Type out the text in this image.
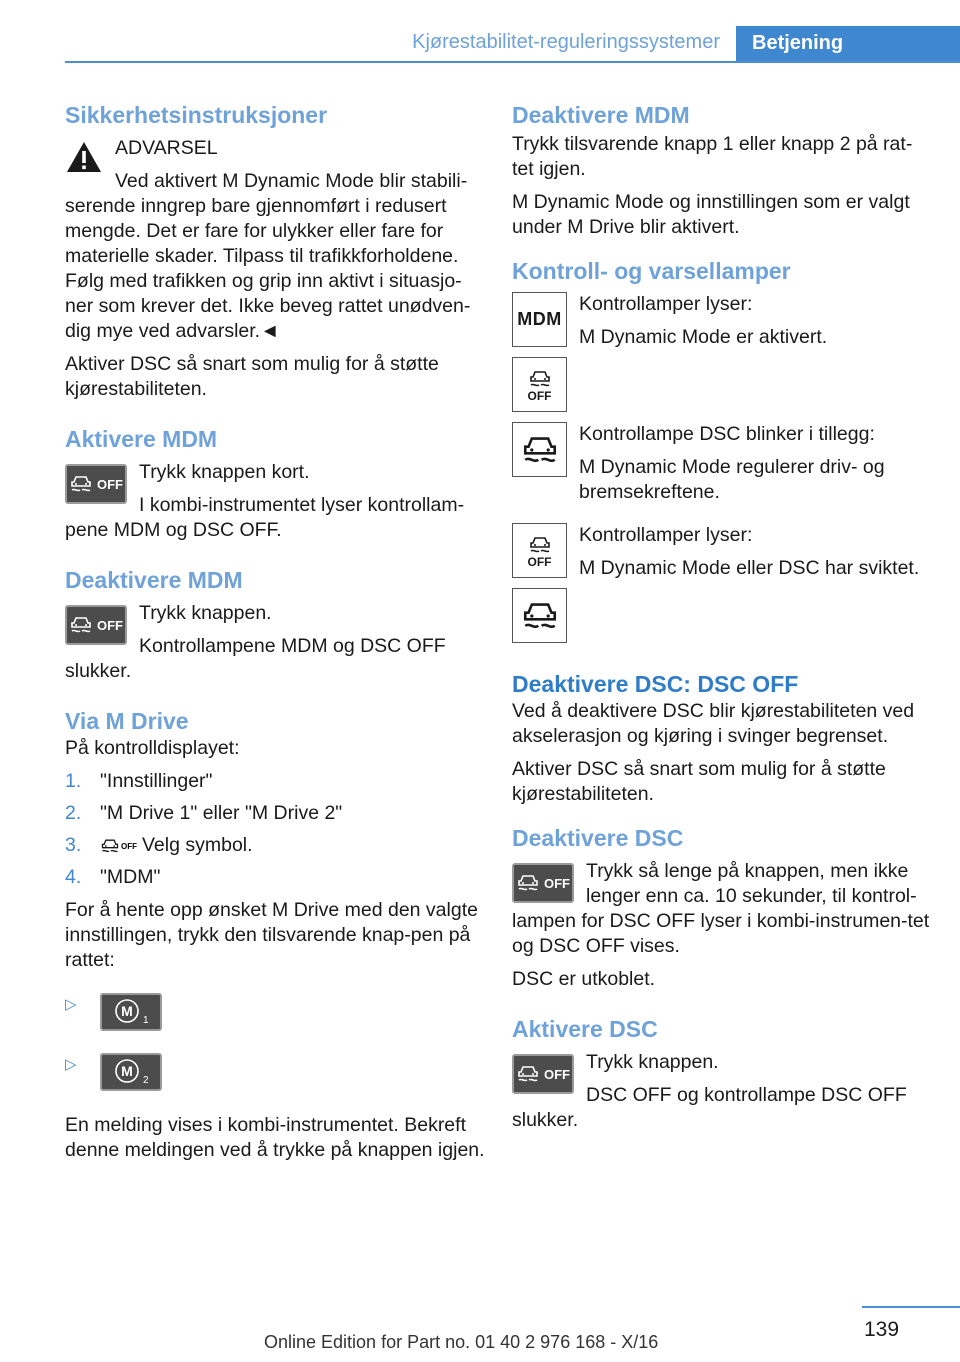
Kjørestabilitet-reguleringssystemer	Betjening
Sikkerhetsinstruksjoner

ADVARSEL

Ved aktivert M Dynamic Mode blir stabili-

serende inngrep bare gjennomført i redusert mengde. Det er fare for ulykker eller fare for materielle skader. Tilpass til trafikkforholdene. Følg med trafikken og grip inn aktivt i situasjo-ner som krever det. Ikke beveg rattet unødven-dig mye ved advarsler.◄

Aktiver DSC så snart som mulig for å støtte kjørestabiliteten.

Aktivere MDM
OFF

Trykk knappen kort.

I kombi-instrumentet lyser kontrollam-pene MDM og DSC OFF.

Deaktivere MDM
OFF

Trykk knappen.

Kontrollampene MDM og DSC OFF slukker.

Via M Drive

På kontrolldisplayet:

1. "Innstillinger"
2. "M Drive 1" eller "M Drive 2"
3.	OFF Velg symbol.
4. "MDM"

For å hente opp ønsket M Drive med den valgte innstillingen, trykk den tilsvarende knap-pen på rattet:

▷	M
1
▷	M
2

En melding vises i kombi-instrumentet. Bekreft denne meldingen ved å trykke på knappen igjen.

Deaktivere MDM

Trykk tilsvarende knapp 1 eller knapp 2 på rat-tet igjen.

M Dynamic Mode og innstillingen som er valgt under M Drive blir aktivert.

Kontroll- og varsellamper
MDM
OFF

Kontrollamper lyser:

M Dynamic Mode er aktivert.

Kontrollampe DSC blinker i tillegg:

M Dynamic Mode regulerer driv- og bremsekreftene.

OFF

Kontrollamper lyser:

M Dynamic Mode eller DSC har sviktet.

Deaktivere DSC: DSC OFF

Ved å deaktivere DSC blir kjørestabiliteten ved akselerasjon og kjøring i svinger begrenset.

Aktiver DSC så snart som mulig for å støtte kjørestabiliteten.

Deaktivere DSC
OFF

Trykk så lenge på knappen, men ikke lenger enn ca. 10 sekunder, til kontrol-lampen for DSC OFF lyser i kombi-instrumen-tet og DSC OFF vises.

DSC er utkoblet.

Aktivere DSC
OFF

Trykk knappen.

DSC OFF og kontrollampe DSC OFF slukker.

139
Online Edition for Part no. 01 40 2 976 168 - X/16
